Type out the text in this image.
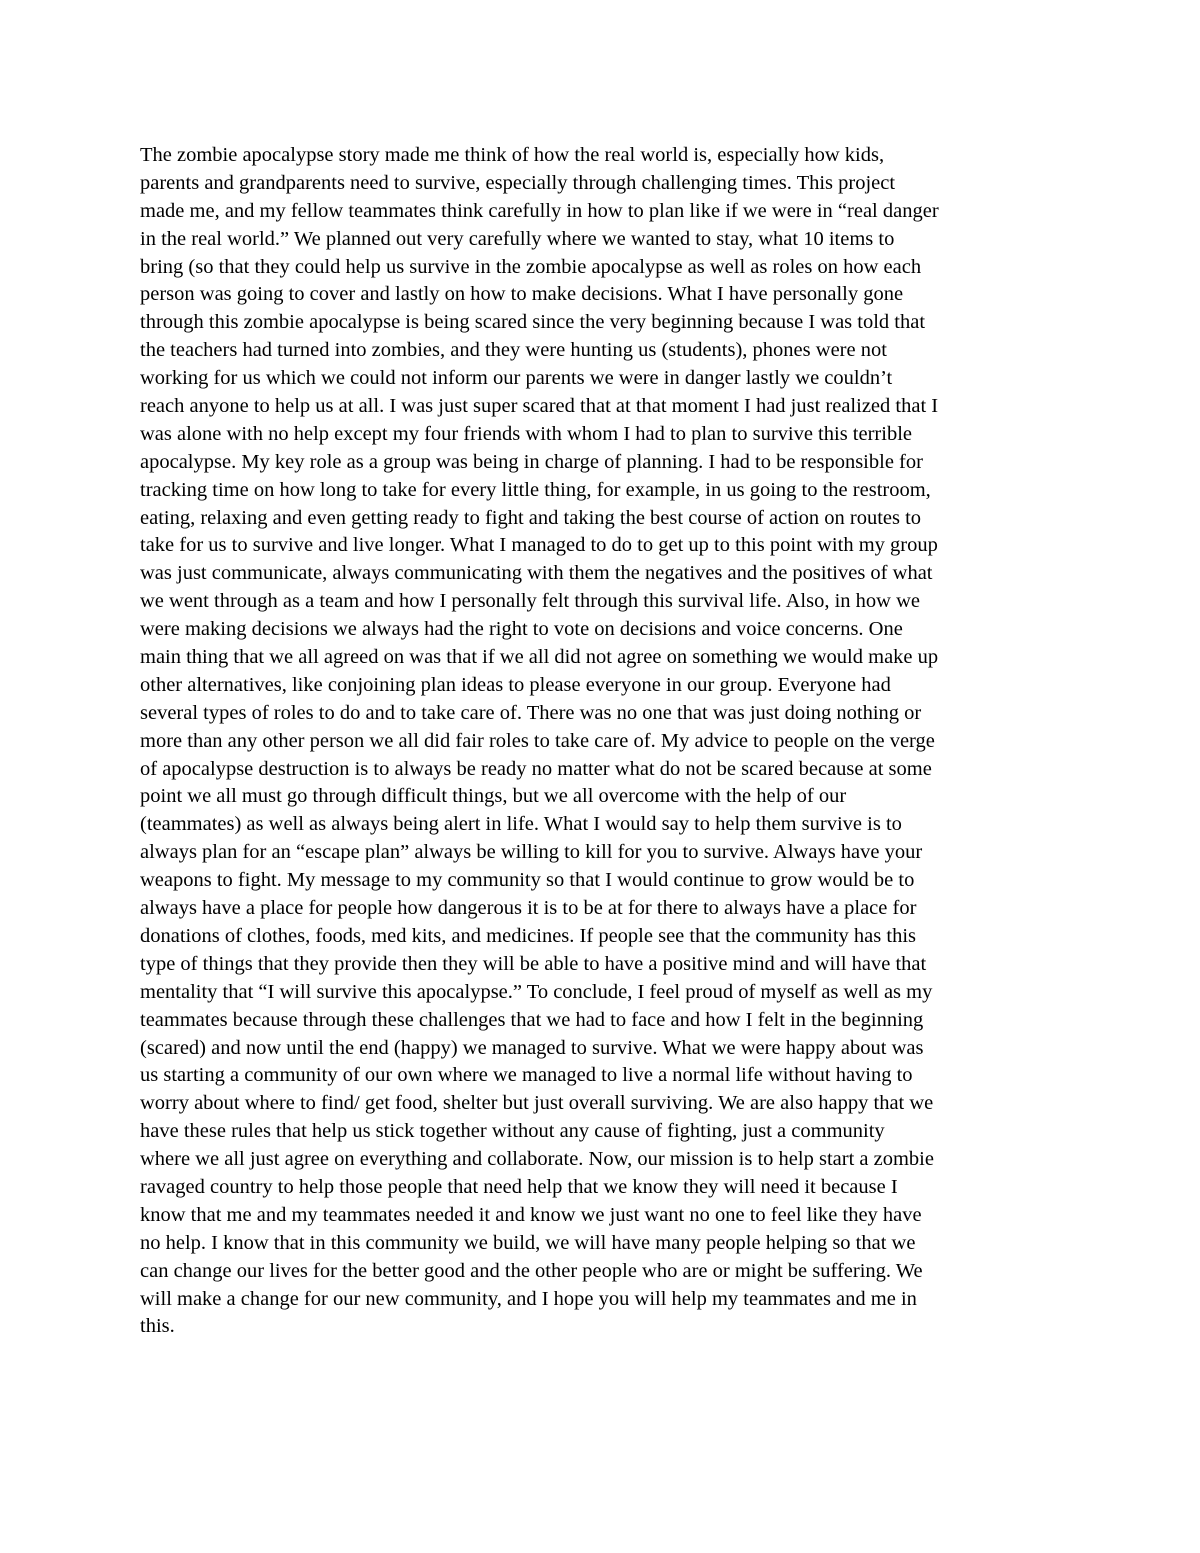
The zombie apocalypse story made me think of how the real world is, especially how kids,
parents and grandparents need to survive, especially through challenging times. This project
made me, and my fellow teammates think carefully in how to plan like if we were in “real danger
in the real world.” We planned out very carefully where we wanted to stay, what 10 items to
bring (so that they could help us survive in the zombie apocalypse as well as roles on how each
person was going to cover and lastly on how to make decisions. What I have personally gone
through this zombie apocalypse is being scared since the very beginning because I was told that
the teachers had turned into zombies, and they were hunting us (students), phones were not
working for us which we could not inform our parents we were in danger lastly we couldn’t
reach anyone to help us at all. I was just super scared that at that moment I had just realized that I
was alone with no help except my four friends with whom I had to plan to survive this terrible
apocalypse. My key role as a group was being in charge of planning. I had to be responsible for
tracking time on how long to take for every little thing, for example, in us going to the restroom,
eating, relaxing and even getting ready to fight and taking the best course of action on routes to
take for us to survive and live longer. What I managed to do to get up to this point with my group
was just communicate, always communicating with them the negatives and the positives of what
we went through as a team and how I personally felt through this survival life. Also, in how we
were making decisions we always had the right to vote on decisions and voice concerns. One
main thing that we all agreed on was that if we all did not agree on something we would make up
other alternatives, like conjoining plan ideas to please everyone in our group. Everyone had
several types of roles to do and to take care of. There was no one that was just doing nothing or
more than any other person we all did fair roles to take care of. My advice to people on the verge
of apocalypse destruction is to always be ready no matter what do not be scared because at some
point we all must go through difficult things, but we all overcome with the help of our
(teammates) as well as always being alert in life. What I would say to help them survive is to
always plan for an “escape plan” always be willing to kill for you to survive. Always have your
weapons to fight. My message to my community so that I would continue to grow would be to
always have a place for people how dangerous it is to be at for there to always have a place for
donations of clothes, foods, med kits, and medicines. If people see that the community has this
type of things that they provide then they will be able to have a positive mind and will have that
mentality that “I will survive this apocalypse.” To conclude, I feel proud of myself as well as my
teammates because through these challenges that we had to face and how I felt in the beginning
(scared) and now until the end (happy) we managed to survive. What we were happy about was
us starting a community of our own where we managed to live a normal life without having to
worry about where to find/ get food, shelter but just overall surviving. We are also happy that we
have these rules that help us stick together without any cause of fighting, just a community
where we all just agree on everything and collaborate. Now, our mission is to help start a zombie
ravaged country to help those people that need help that we know they will need it because I
know that me and my teammates needed it and know we just want no one to feel like they have
no help. I know that in this community we build, we will have many people helping so that we
can change our lives for the better good and the other people who are or might be suffering. We
will make a change for our new community, and I hope you will help my teammates and me in
this.
